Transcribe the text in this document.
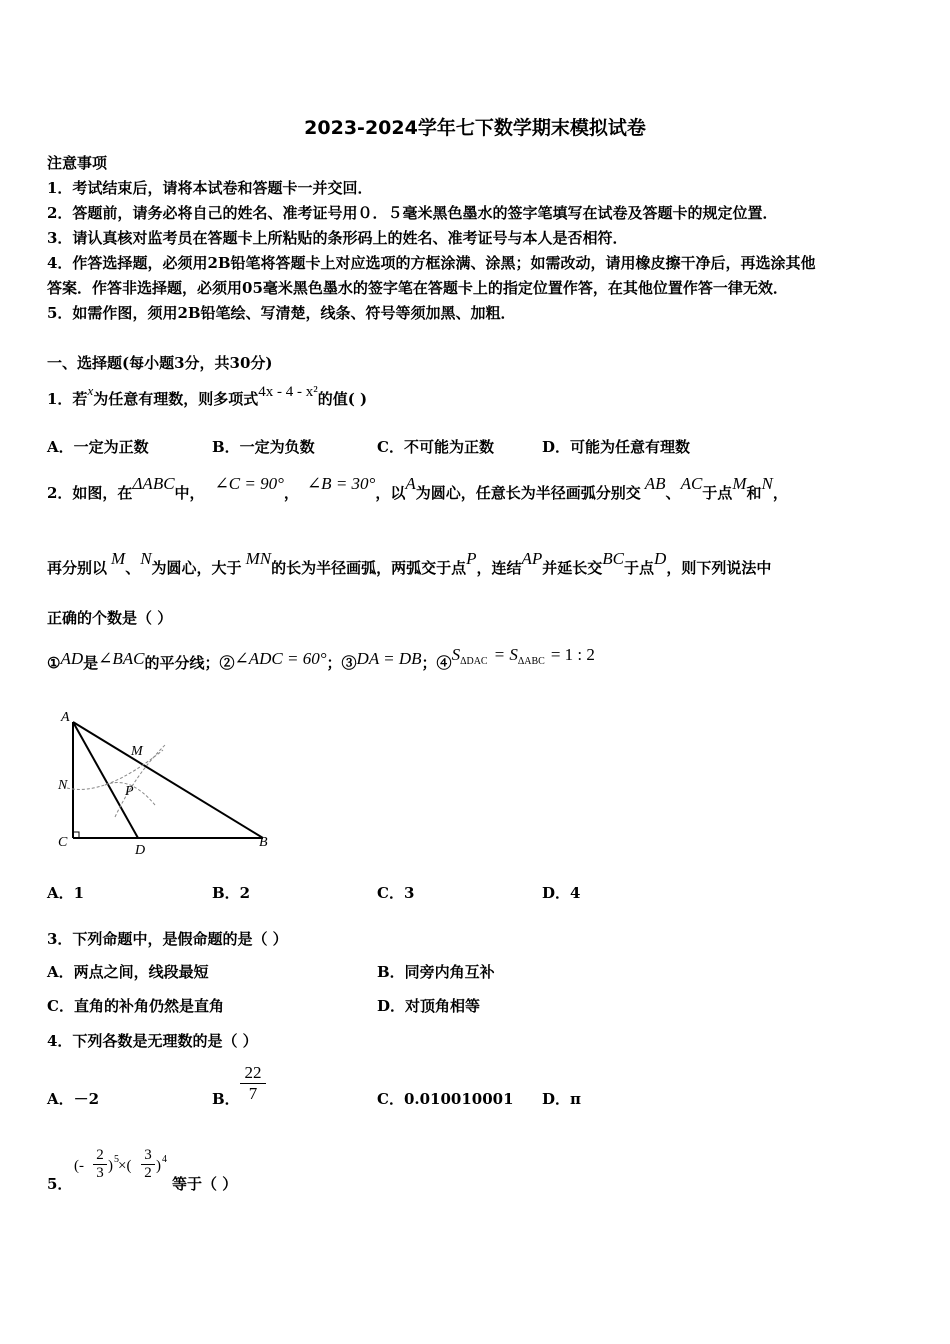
2023-2024学年七下数学期末模拟试卷
注意事项
1．考试结束后，请将本试卷和答题卡一并交回．
2．答题前，请务必将自己的姓名、准考证号用０．５毫米黑色墨水的签字笔填写在试卷及答题卡的规定位置．
3．请认真核对监考员在答题卡上所粘贴的条形码上的姓名、准考证号与本人是否相符．
4．作答选择题，必须用2B铅笔将答题卡上对应选项的方框涂满、涂黑；如需改动，请用橡皮擦干净后，再选涂其他
答案．作答非选择题，必须用05毫米黑色墨水的签字笔在答题卡上的指定位置作答，在其他位置作答一律无效．
5．如需作图，须用2B铅笔绘、写清楚，线条、符号等须加黑、加粗．
一、选择题(每小题3分，共30分)
1．若x为任意有理数，则多项式4x - 4 - x²的值( )
A．一定为正数	B．一定为负数	C．不可能为正数	D．可能为任意有理数
2．如图，在ΔABC中， ∠C = 90°， ∠B = 30°，以A为圆心，任意长为半径画弧分别交 AB、AC于点M和N，
再分别以 M、N为圆心，大于 MN的长为半径画弧，两弧交于点P，连结AP并延长交BC于点D，则下列说法中
正确的个数是（ ）
①AD是∠BAC的平分线；②∠ADC = 60°；③DA = DB；$④S^{\Delta DAC} = S^{\Delta ABC} = 1$ : 2
A
M
N	P
C
D
B
A．1	B．2	C．3	D．4
3．下列命题中，是假命题的是（ ）
A．两点之间，线段最短	B．同旁内角互补
C．直角的补角仍然是直角	D．对顶角相等
4．下列各数是无理数的是（ ）
A．－2	B． $\frac{22}{7}$	C．0.010010001 D．π
5．
(- $\frac{2}{3}$ ) 5 ×( $\frac{3}{2}$ ) 4
等于（ ）
